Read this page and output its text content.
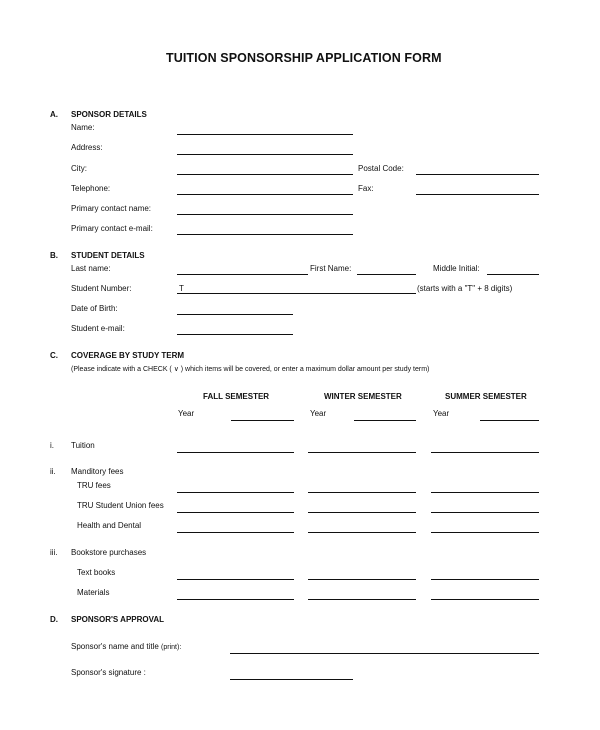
TUITION SPONSORSHIP APPLICATION FORM
A. SPONSOR DETAILS
Name:
Address:
City:	Postal Code:
Telephone:	Fax:
Primary contact name:
Primary contact e-mail:
B. STUDENT DETAILS
Last name:	First Name:	Middle Initial:
Student Number:	T	(starts with a "T" + 8 digits)
Date of Birth:
Student e-mail:
C. COVERAGE BY STUDY TERM
(Please indicate with a CHECK ( ∨ ) which items will be covered, or enter a maximum dollar amount per study term)
FALL SEMESTER	WINTER SEMESTER	SUMMER SEMESTER
Year	Year	Year
i. Tuition
ii. Manditory fees
TRU fees
TRU Student Union fees
Health and Dental
iii. Bookstore purchases
Text books
Materials
D. SPONSOR'S APPROVAL
Sponsor's name and title (print):
Sponsor's signature :
